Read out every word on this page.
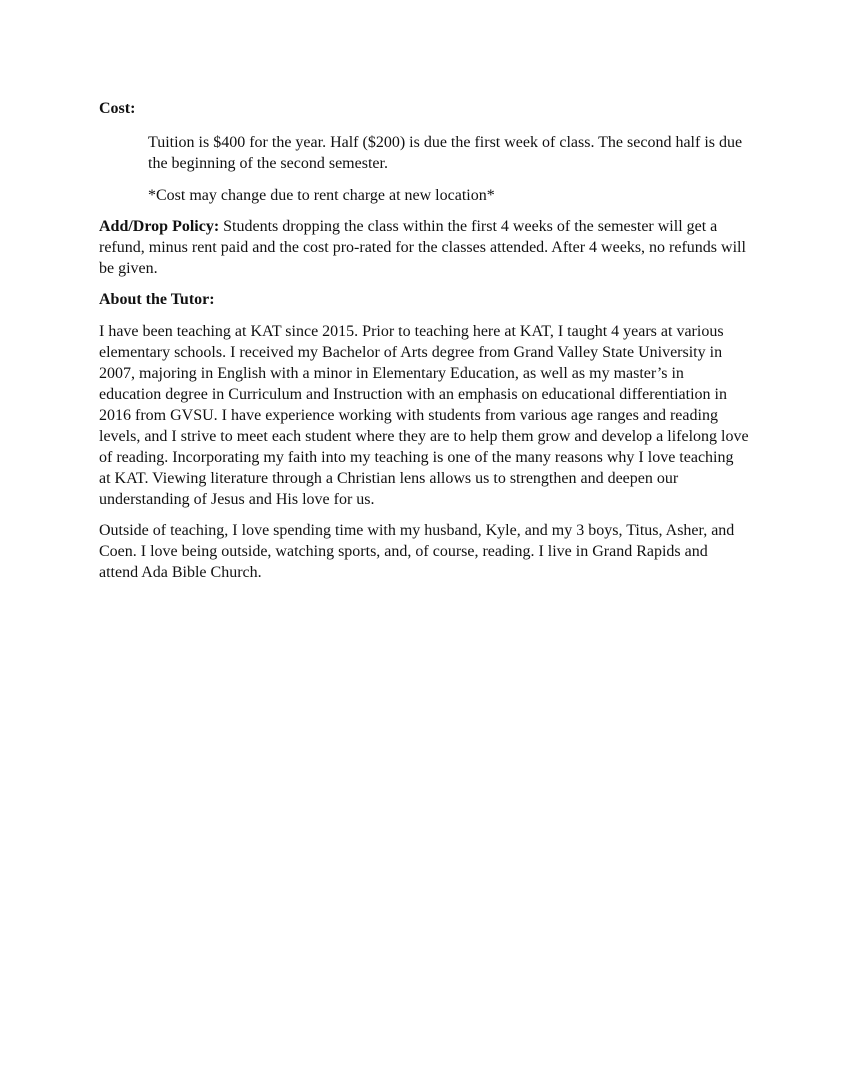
Cost:

Tuition is $400 for the year. Half ($200) is due the first week of class. The second half is due the beginning of the second semester.

*Cost may change due to rent charge at new location*

Add/Drop Policy: Students dropping the class within the first 4 weeks of the semester will get a refund, minus rent paid and the cost pro-rated for the classes attended. After 4 weeks, no refunds will be given.

About the Tutor:

I have been teaching at KAT since 2015. Prior to teaching here at KAT, I taught 4 years at various elementary schools. I received my Bachelor of Arts degree from Grand Valley State University in 2007, majoring in English with a minor in Elementary Education, as well as my master’s in education degree in Curriculum and Instruction with an emphasis on educational differentiation in 2016 from GVSU. I have experience working with students from various age ranges and reading levels, and I strive to meet each student where they are to help them grow and develop a lifelong love of reading. Incorporating my faith into my teaching is one of the many reasons why I love teaching at KAT. Viewing literature through a Christian lens allows us to strengthen and deepen our understanding of Jesus and His love for us.

Outside of teaching, I love spending time with my husband, Kyle, and my 3 boys, Titus, Asher, and Coen. I love being outside, watching sports, and, of course, reading. I live in Grand Rapids and attend Ada Bible Church.
